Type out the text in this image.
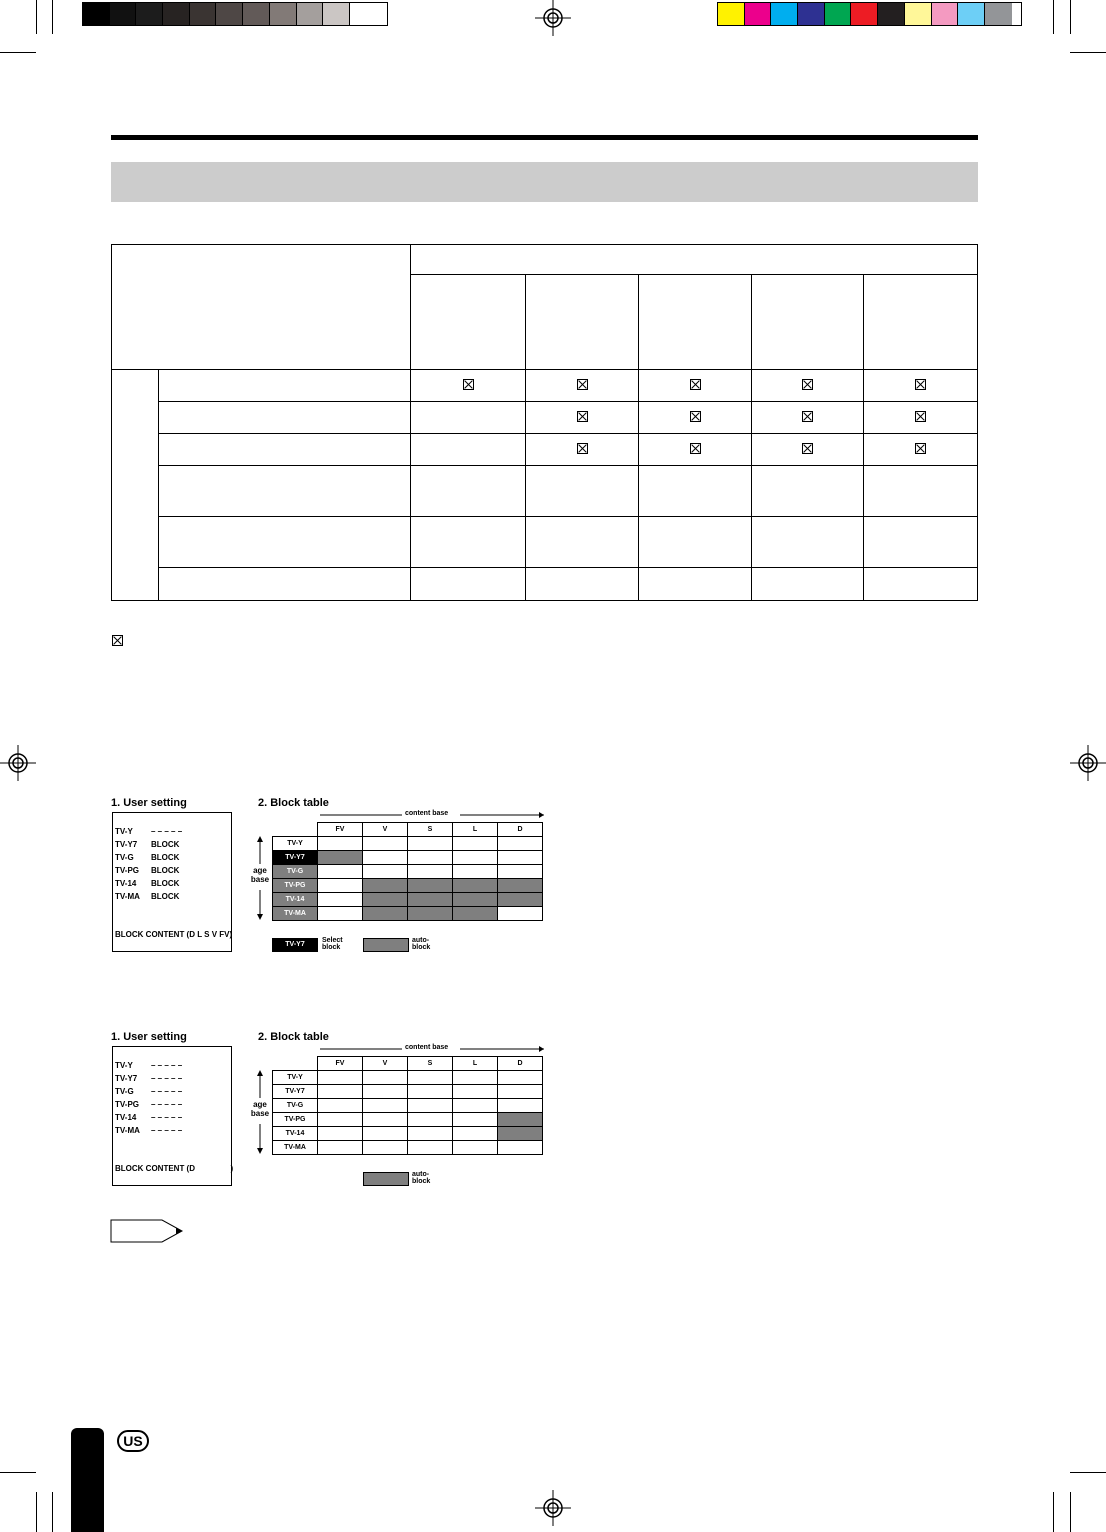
1. User setting	2. Block table
TV-Y – – – – –
TV-Y7 BLOCK
TV-G BLOCK
TV-PG BLOCK
TV-14 BLOCK
TV-MA BLOCK
BLOCK CONTENT (D L S V FV)
content base
age base
	FV	V	S	L	D
TV-Y					
TV-Y7					
TV-G					
TV-PG					
TV-14					
TV-MA					
TV-Y7
Select block
auto-block
1. User setting	2. Block table
TV-Y – – – – –
TV-Y7 – – – – –
TV-G – – – – –
TV-PG – – – – –
TV-14 – – – – –
TV-MA – – – – –
BLOCK CONTENT (D                )
content base
age base
	FV	V	S	L	D
TV-Y					
TV-Y7					
TV-G					
TV-PG					
TV-14					
TV-MA					
auto-block
US
